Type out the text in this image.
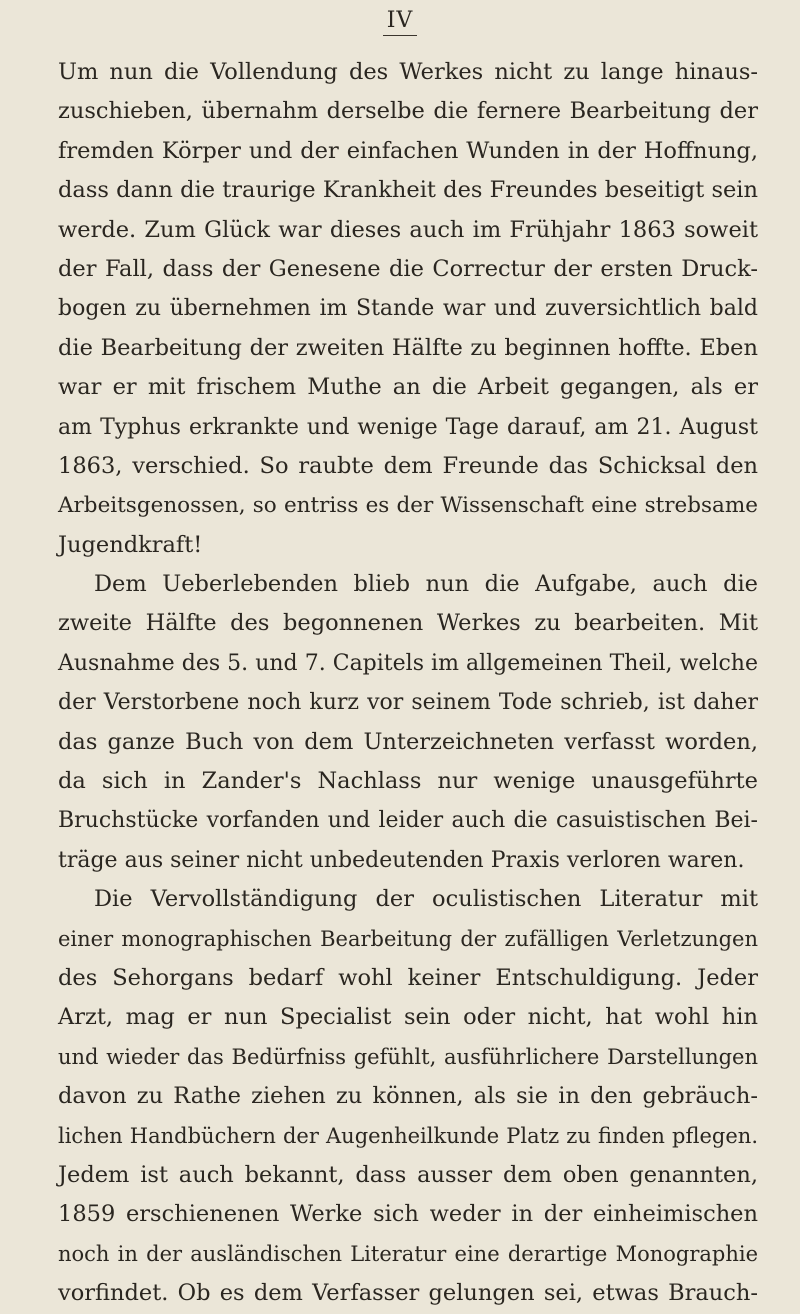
IV
Um nun die Vollendung des Werkes nicht zu lange hinaus-
zuschieben, übernahm derselbe die fernere Bearbeitung der
fremden Körper und der einfachen Wunden in der Hoffnung,
dass dann die traurige Krankheit des Freundes beseitigt sein
werde. Zum Glück war dieses auch im Frühjahr 1863 soweit
der Fall, dass der Genesene die Correctur der ersten Druck-
bogen zu übernehmen im Stande war und zuversichtlich bald
die Bearbeitung der zweiten Hälfte zu beginnen hoffte. Eben
war er mit frischem Muthe an die Arbeit gegangen, als er
am Typhus erkrankte und wenige Tage darauf, am 21. August
1863, verschied. So raubte dem Freunde das Schicksal den
Arbeitsgenossen, so entriss es der Wissenschaft eine strebsame
Jugendkraft!
Dem Ueberlebenden blieb nun die Aufgabe, auch die
zweite Hälfte des begonnenen Werkes zu bearbeiten. Mit
Ausnahme des 5. und 7. Capitels im allgemeinen Theil, welche
der Verstorbene noch kurz vor seinem Tode schrieb, ist daher
das ganze Buch von dem Unterzeichneten verfasst worden,
da sich in Zander's Nachlass nur wenige unausgeführte
Bruchstücke vorfanden und leider auch die casuistischen Bei-
träge aus seiner nicht unbedeutenden Praxis verloren waren.
Die Vervollständigung der oculistischen Literatur mit
einer monographischen Bearbeitung der zufälligen Verletzungen
des Sehorgans bedarf wohl keiner Entschuldigung. Jeder
Arzt, mag er nun Specialist sein oder nicht, hat wohl hin
und wieder das Bedürfniss gefühlt, ausführlichere Darstellungen
davon zu Rathe ziehen zu können, als sie in den gebräuch-
lichen Handbüchern der Augenheilkunde Platz zu finden pflegen.
Jedem ist auch bekannt, dass ausser dem oben genannten,
1859 erschienenen Werke sich weder in der einheimischen
noch in der ausländischen Literatur eine derartige Monographie
vorfindet. Ob es dem Verfasser gelungen sei, etwas Brauch-
